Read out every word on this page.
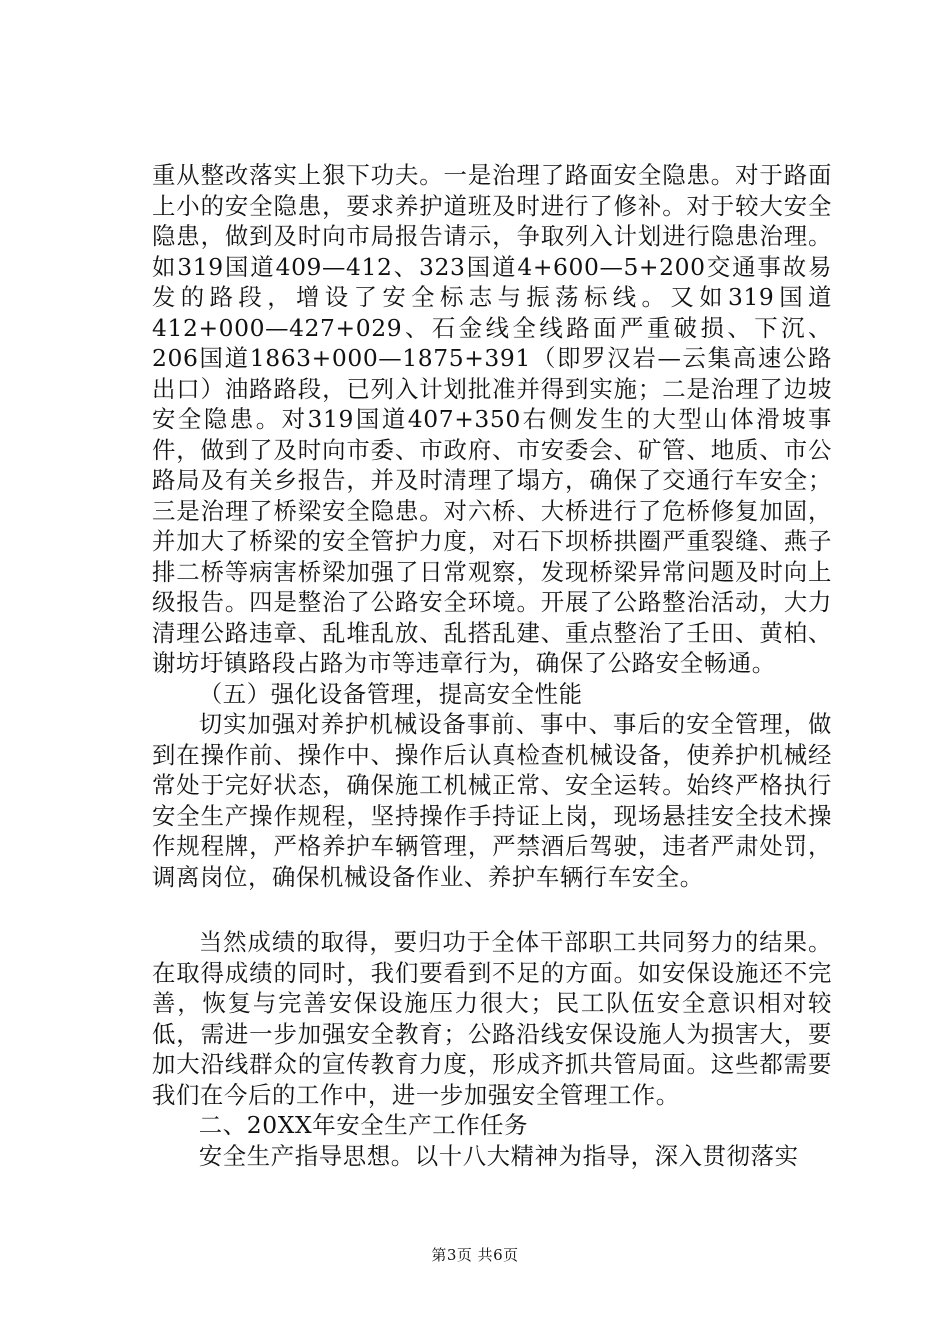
重从整改落实上狠下功夫。一是治理了路面安全隐患。对于路面上小的安全隐患，要求养护道班及时进行了修补。对于较大安全隐患，做到及时向市局报告请示，争取列入计划进行隐患治理。如319国道409—412、323国道4+600—5+200交通事故易发的路段，增设了安全标志与振荡标线。又如319国道412+000—427+029、石金线全线路面严重破损、下沉、206国道1863+000—1875+391（即罗汉岩—云集高速公路出口）油路路段，已列入计划批准并得到实施；二是治理了边坡安全隐患。对319国道407+350右侧发生的大型山体滑坡事件，做到了及时向市委、市政府、市安委会、矿管、地质、市公路局及有关乡报告，并及时清理了塌方，确保了交通行车安全；三是治理了桥梁安全隐患。对六桥、大桥进行了危桥修复加固，并加大了桥梁的安全管护力度，对石下坝桥拱圈严重裂缝、燕子排二桥等病害桥梁加强了日常观察，发现桥梁异常问题及时向上级报告。四是整治了公路安全环境。开展了公路整治活动，大力清理公路违章、乱堆乱放、乱搭乱建、重点整治了壬田、黄柏、谢坊圩镇路段占路为市等违章行为，确保了公路安全畅通。

（五）强化设备管理，提高安全性能

切实加强对养护机械设备事前、事中、事后的安全管理，做到在操作前、操作中、操作后认真检查机械设备，使养护机械经常处于完好状态，确保施工机械正常、安全运转。始终严格执行安全生产操作规程，坚持操作手持证上岗，现场悬挂安全技术操作规程牌，严格养护车辆管理，严禁酒后驾驶，违者严肃处罚，调离岗位，确保机械设备作业、养护车辆行车安全。

当然成绩的取得，要归功于全体干部职工共同努力的结果。在取得成绩的同时，我们要看到不足的方面。如安保设施还不完善，恢复与完善安保设施压力很大；民工队伍安全意识相对较低，需进一步加强安全教育；公路沿线安保设施人为损害大，要加大沿线群众的宣传教育力度，形成齐抓共管局面。这些都需要我们在今后的工作中，进一步加强安全管理工作。

二、20XX年安全生产工作任务

安全生产指导思想。以十八大精神为指导，深入贯彻落实

第3页 共6页
